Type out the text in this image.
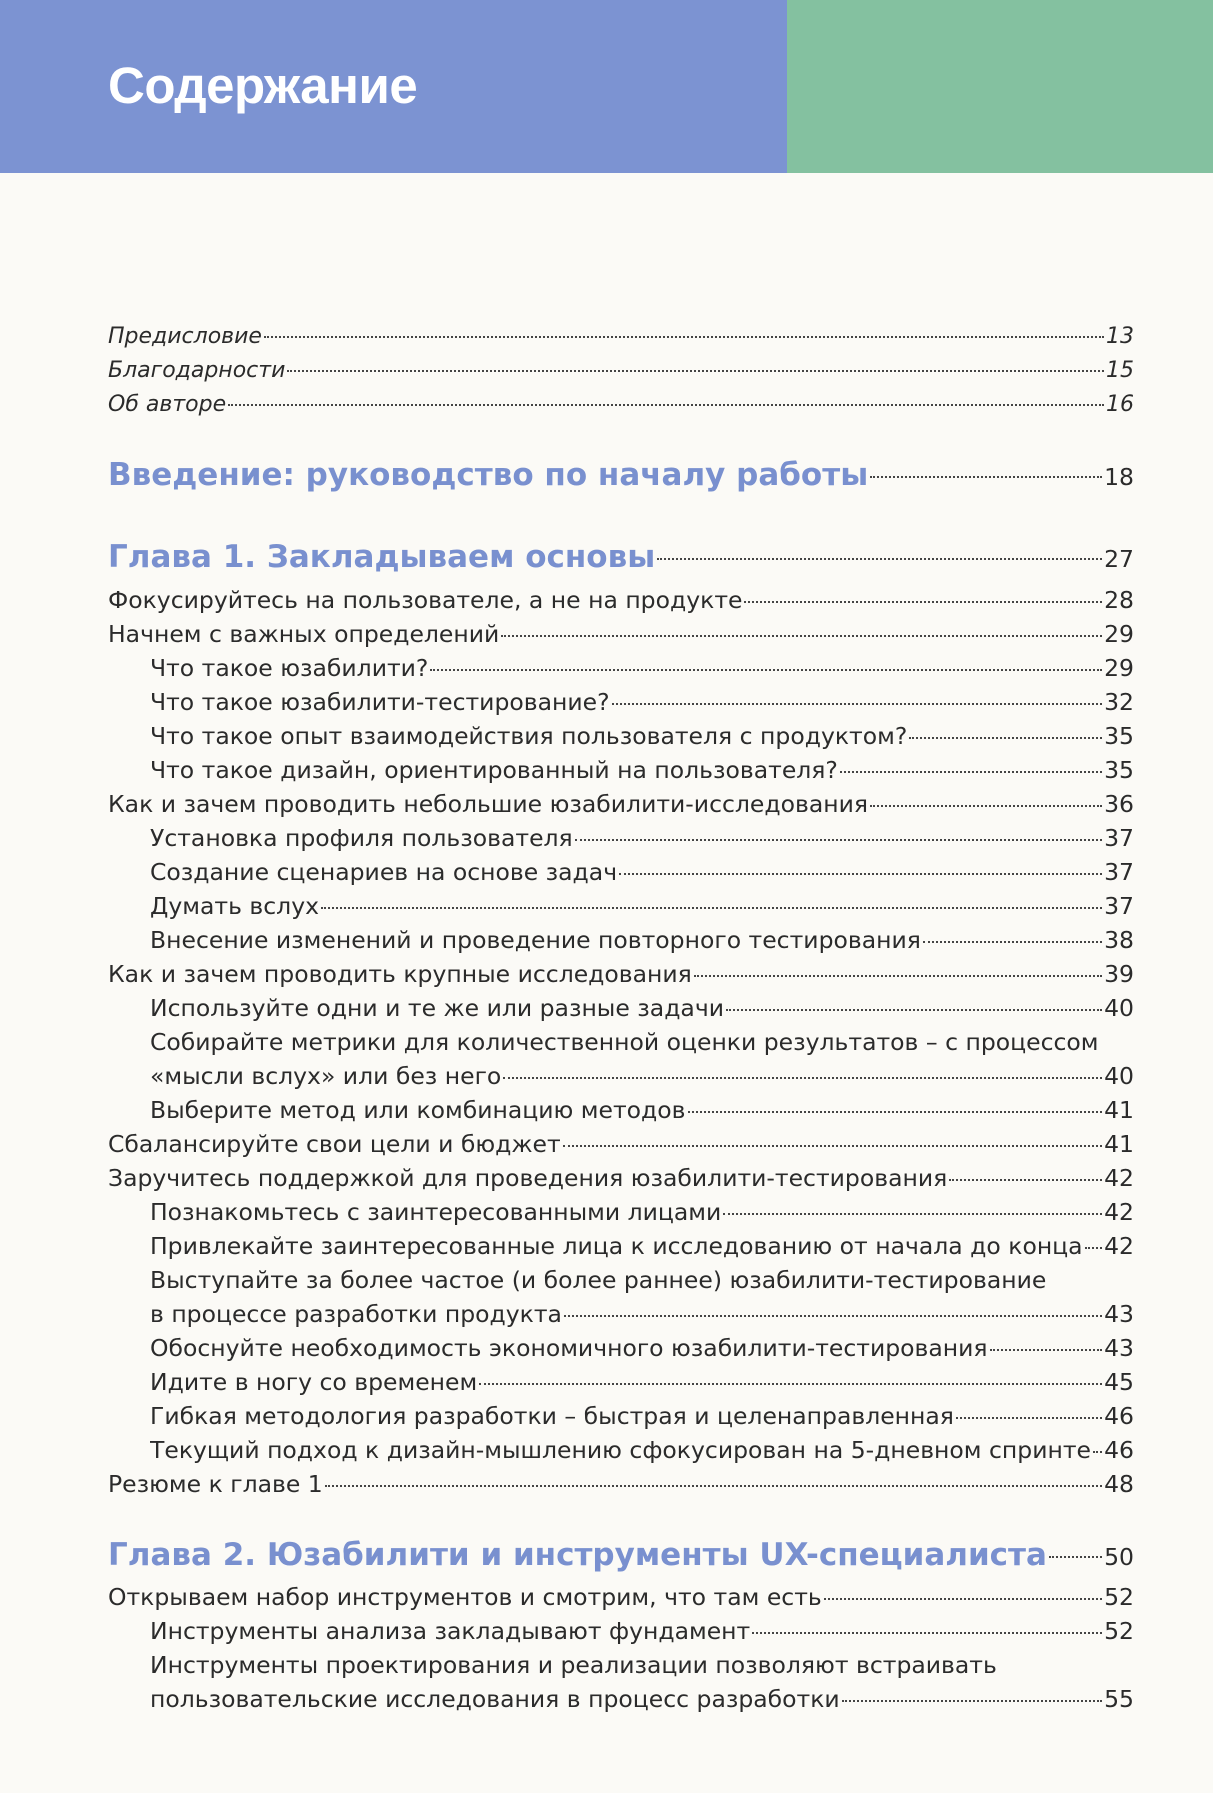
Содержание
Предисловие	13
Благодарности	15
Об авторе	16
Введение: руководство по началу работы	18
Глава 1. Закладываем основы	27
Фокусируйтесь на пользователе, а не на продукте	28
Начнем с важных определений	29
Что такое юзабилити?	29
Что такое юзабилити-тестирование?	32
Что такое опыт взаимодействия пользователя с продуктом?	35
Что такое дизайн, ориентированный на пользователя?	35
Как и зачем проводить небольшие юзабилити-исследования	36
Установка профиля пользователя	37
Создание сценариев на основе задач	37
Думать вслух	37
Внесение изменений и проведение повторного тестирования	38
Как и зачем проводить крупные исследования	39
Используйте одни и те же или разные задачи	40
Собирайте метрики для количественной оценки результатов – с процессом
«мысли вслух» или без него	40
Выберите метод или комбинацию методов	41
Сбалансируйте свои цели и бюджет	41
Заручитесь поддержкой для проведения юзабилити-тестирования	42
Познакомьтесь с заинтересованными лицами	42
Привлекайте заинтересованные лица к исследованию от начала до конца 42
Выступайте за более частое (и более раннее) юзабилити-тестирование
в процессе разработки продукта	43
Обоснуйте необходимость экономичного юзабилити-тестирования	43
Идите в ногу со временем	45
Гибкая методология разработки – быстрая и целенаправленная	46
Текущий подход к дизайн-мышлению сфокусирован на 5-дневном спринте 46
Резюме к главе 1	48
Глава 2. Юзабилити и инструменты UX-специалиста 50
Открываем набор инструментов и смотрим, что там есть	52
Инструменты анализа закладывают фундамент	52
Инструменты проектирования и реализации позволяют встраивать
пользовательские исследования в процесс разработки	55
